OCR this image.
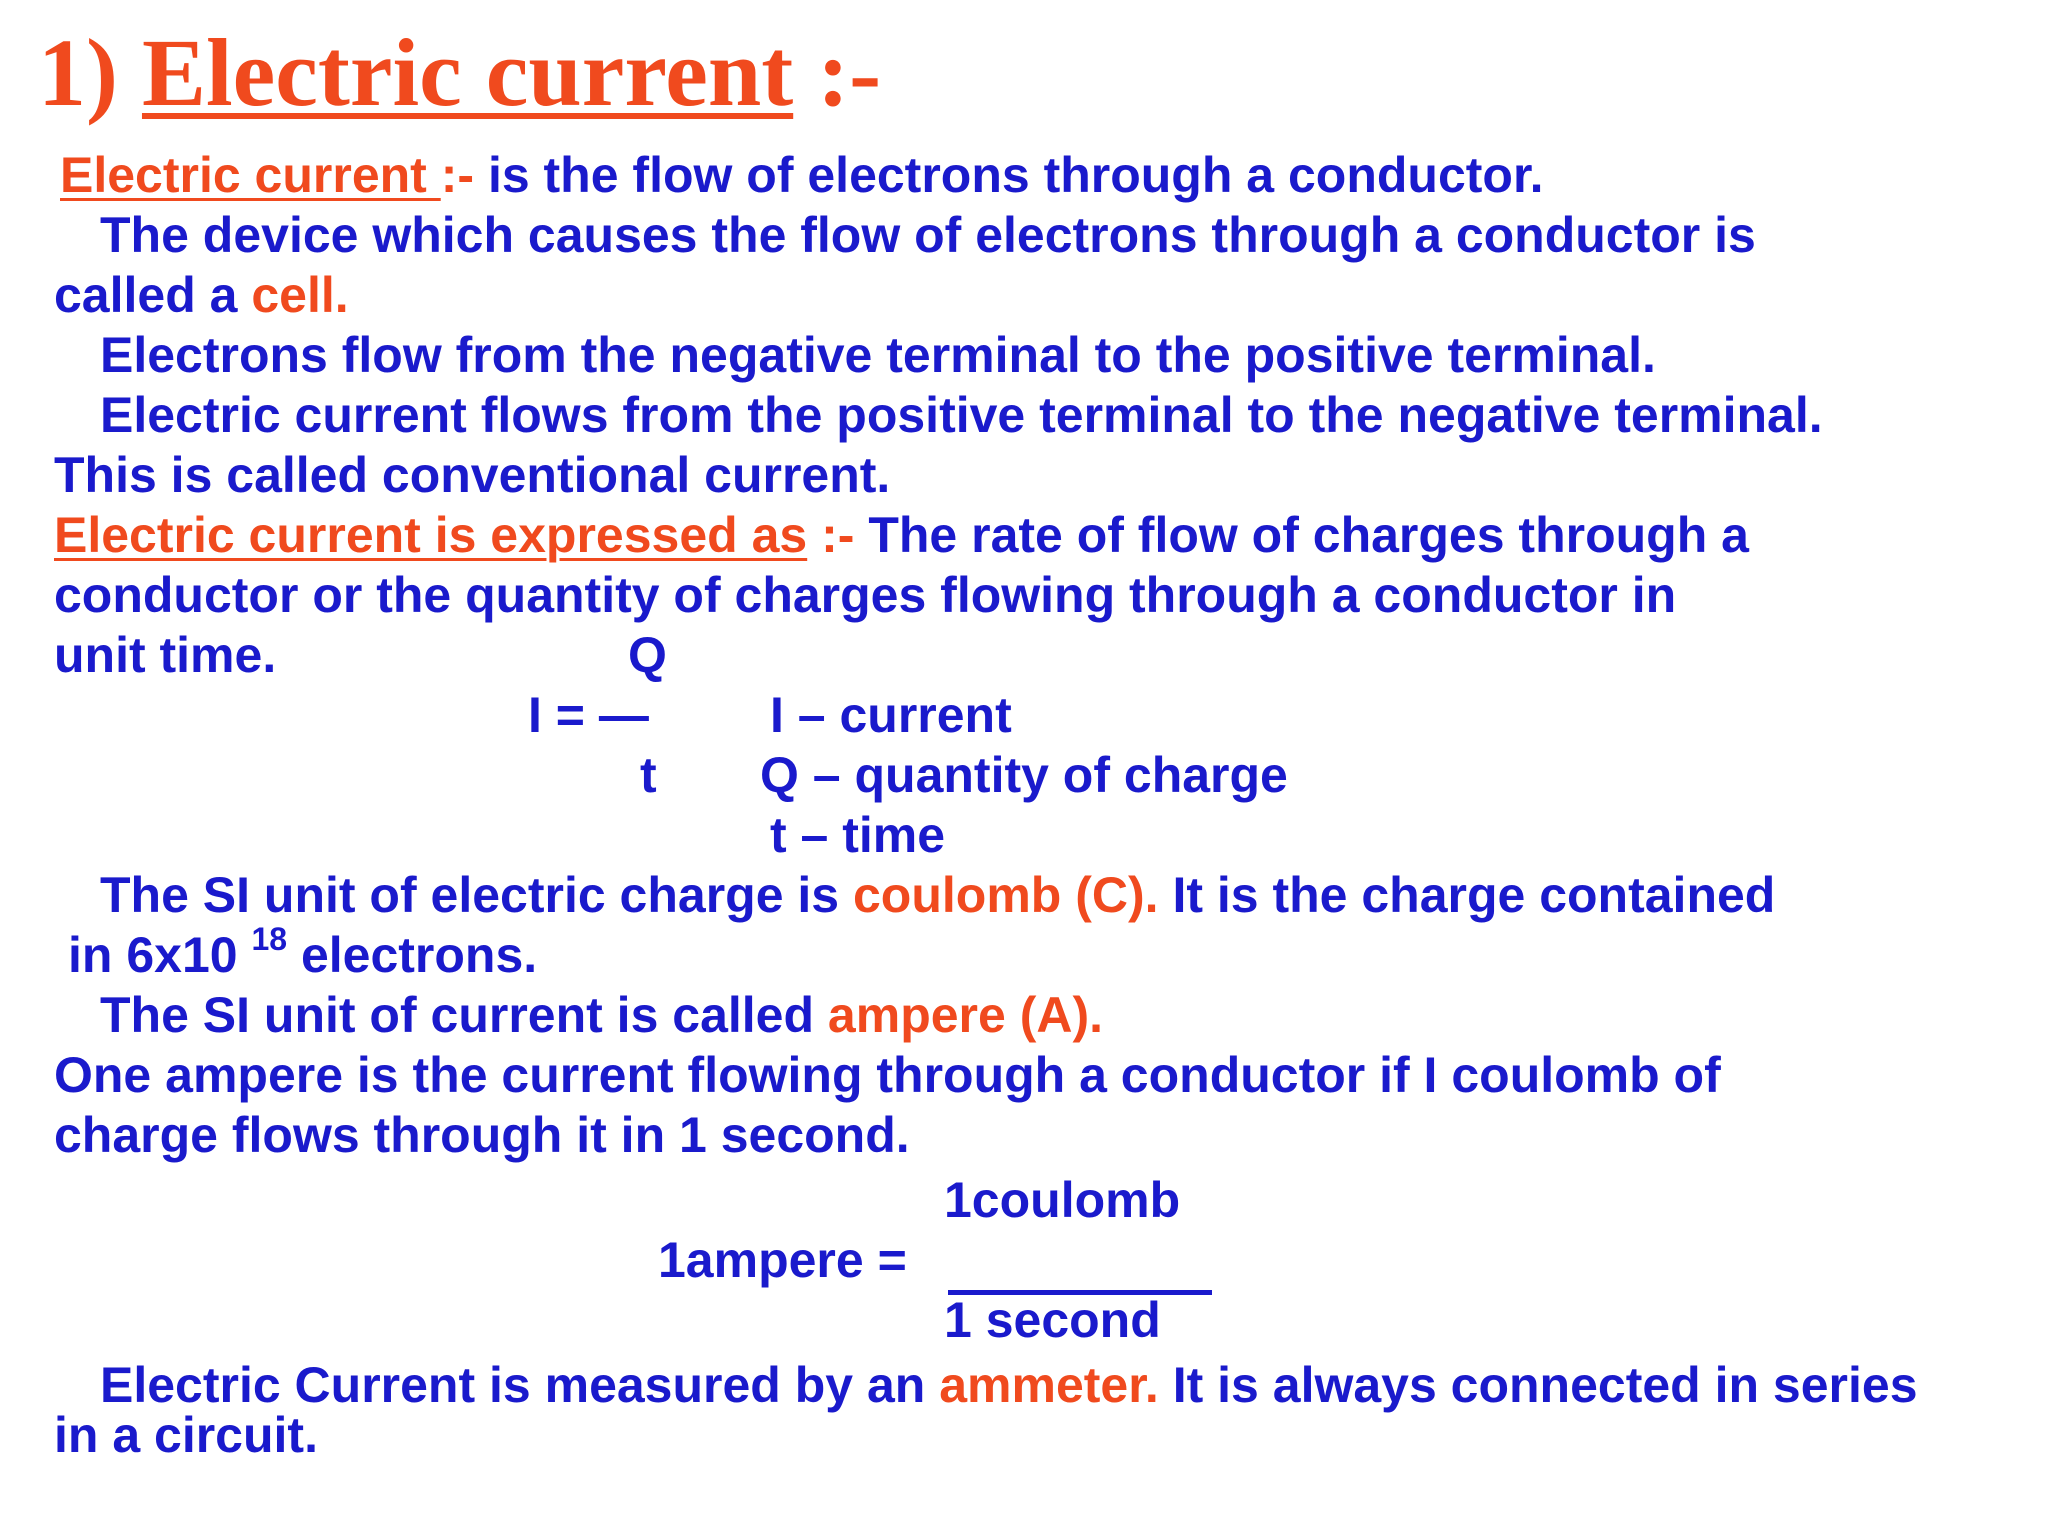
1) Electric current :-
Electric current :- is the flow of electrons through a conductor.
The device which causes the flow of electrons through a conductor is
called a cell.
Electrons flow from the negative terminal to the positive terminal.
Electric current flows from the positive terminal to the negative terminal.
This is called conventional current.
Electric current is expressed as :- The rate of flow of charges through a
conductor or the quantity of charges flowing through a conductor in
unit time.	Q
I = —
t
I – current
Q – quantity of charge
t – time
The SI unit of electric charge is coulomb (C). It is the charge contained
in 6x10 $^{18}$ electrons.
The SI unit of current is called ampere (A).
One ampere is the current flowing through a conductor if I coulomb of
charge flows through it in 1 second.
1coulomb
1ampere =
1 second
Electric Current is measured by an ammeter. It is always connected in series
in a circuit.
